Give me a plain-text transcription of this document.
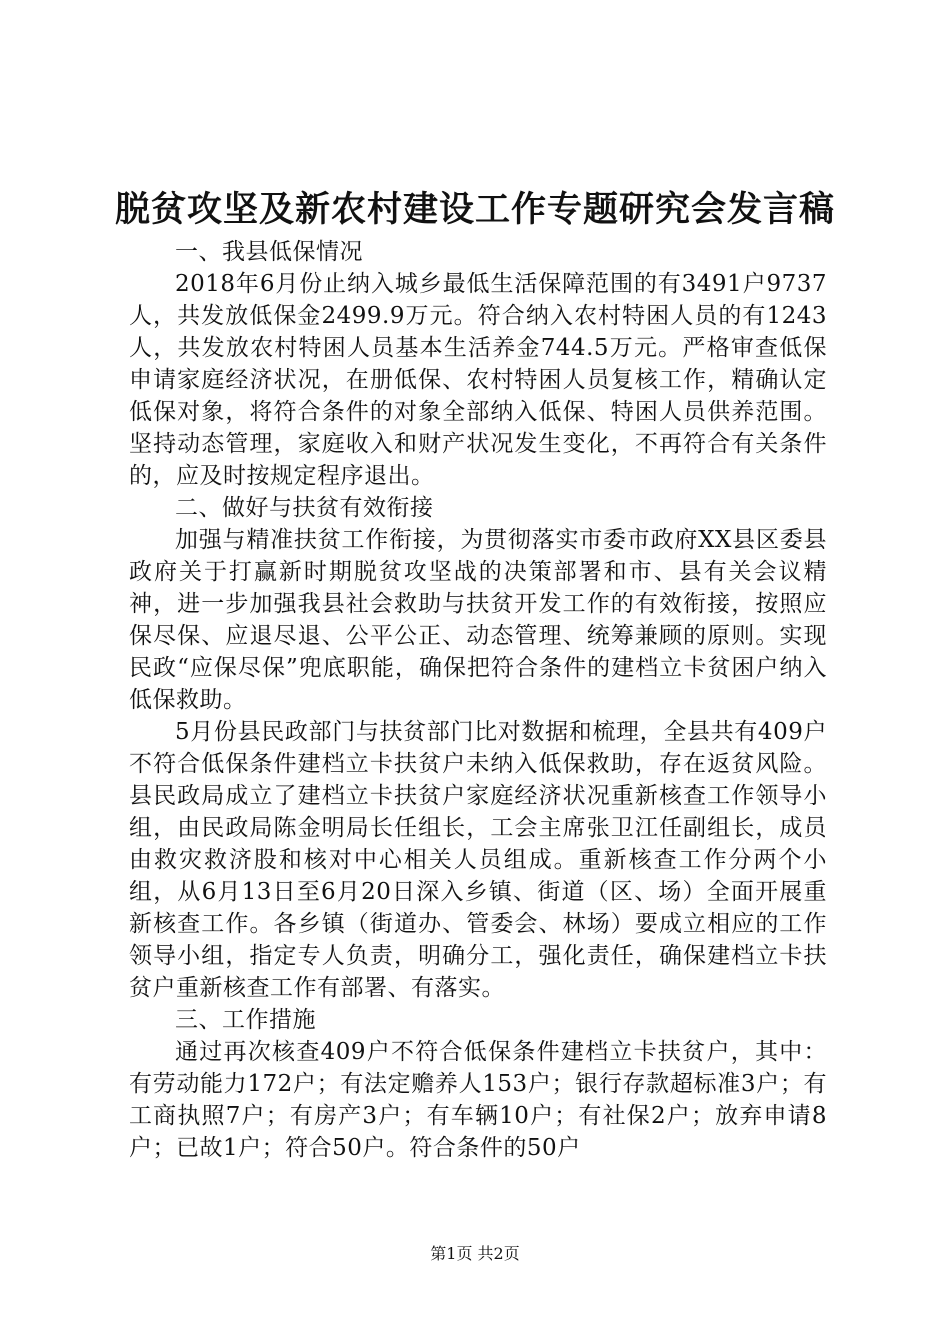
脱贫攻坚及新农村建设工作专题研究会发言稿

一、我县低保情况

2018年6月份止纳入城乡最低生活保障范围的有3491户9737人，共发放低保金2499.9万元。符合纳入农村特困人员的有1243人，共发放农村特困人员基本生活养金744.5万元。严格审查低保申请家庭经济状况，在册低保、农村特困人员复核工作，精确认定低保对象，将符合条件的对象全部纳入低保、特困人员供养范围。坚持动态管理，家庭收入和财产状况发生变化，不再符合有关条件的，应及时按规定程序退出。

二、做好与扶贫有效衔接

加强与精准扶贫工作衔接，为贯彻落实市委市政府XX县区委县政府关于打赢新时期脱贫攻坚战的决策部署和市、县有关会议精神，进一步加强我县社会救助与扶贫开发工作的有效衔接，按照应保尽保、应退尽退、公平公正、动态管理、统筹兼顾的原则。实现民政“应保尽保”兜底职能，确保把符合条件的建档立卡贫困户纳入低保救助。

5月份县民政部门与扶贫部门比对数据和梳理，全县共有409户不符合低保条件建档立卡扶贫户未纳入低保救助，存在返贫风险。县民政局成立了建档立卡扶贫户家庭经济状况重新核查工作领导小组，由民政局陈金明局长任组长，工会主席张卫江任副组长，成员由救灾救济股和核对中心相关人员组成。重新核查工作分两个小组，从6月13日至6月20日深入乡镇、街道（区、场）全面开展重新核查工作。各乡镇（街道办、管委会、林场）要成立相应的工作领导小组，指定专人负责，明确分工，强化责任，确保建档立卡扶贫户重新核查工作有部署、有落实。

三、工作措施

通过再次核查409户不符合低保条件建档立卡扶贫户，其中：有劳动能力172户；有法定赡养人153户；银行存款超标准3户；有工商执照7户；有房产3户；有车辆10户；有社保2户；放弃申请8户；已故1户；符合50户。符合条件的50户

第1页 共2页
